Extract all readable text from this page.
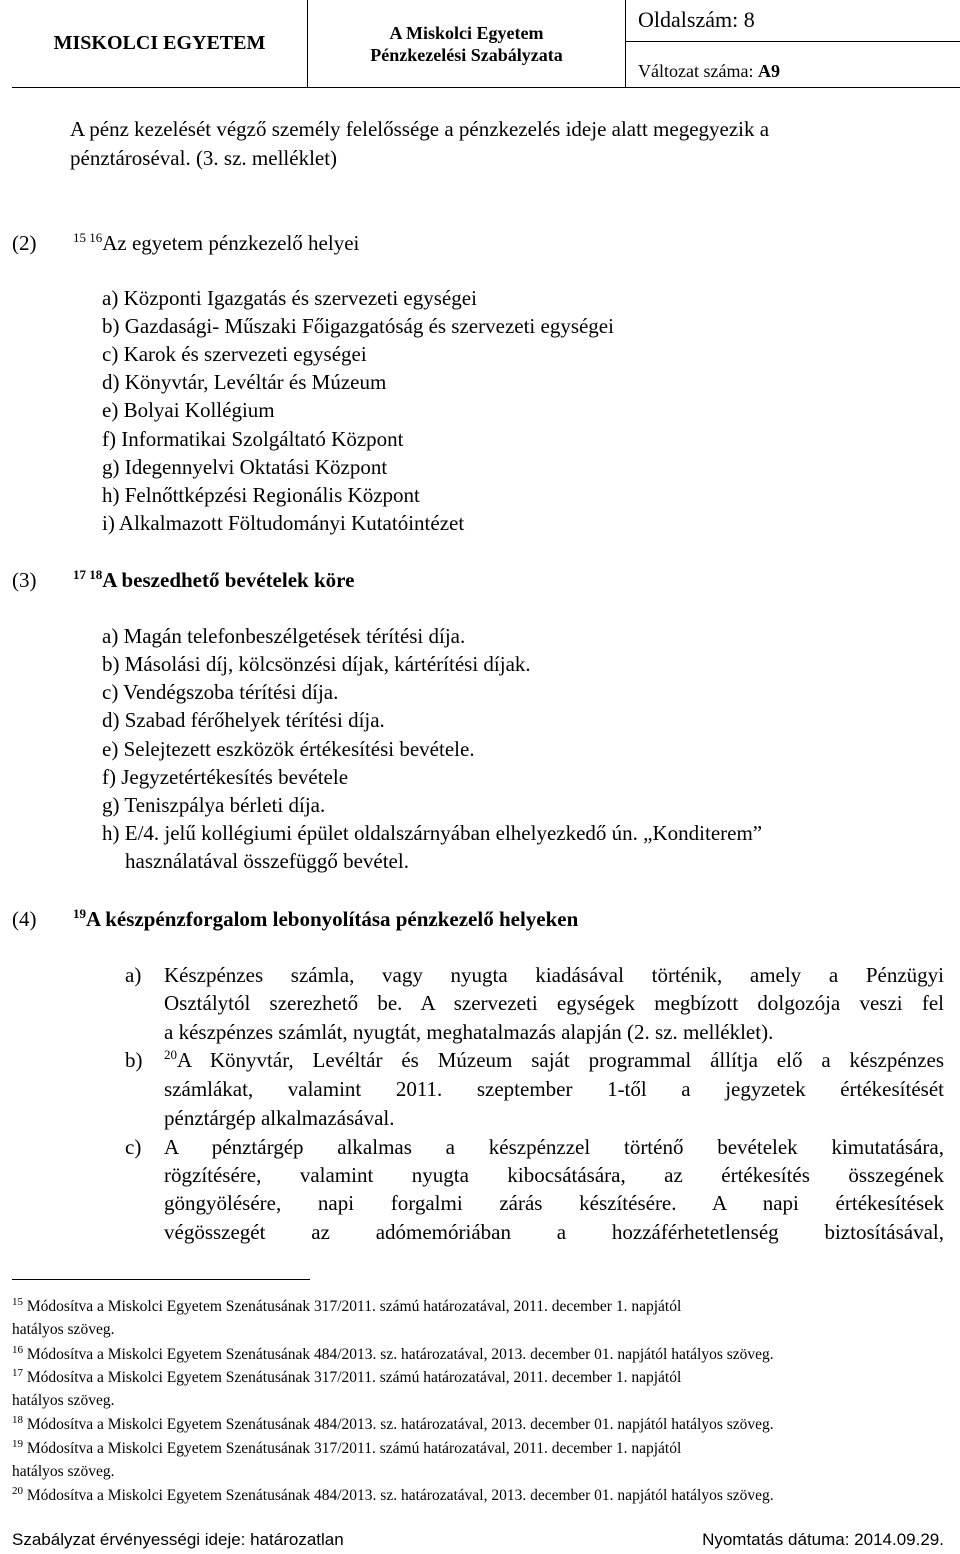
MISKOLCI EGYETEM	A Miskolci Egyetem
Pénzkezelési Szabályzata
Oldalszám: 8
Változat száma: A9
A pénz kezelését végző személy felelőssége a pénzkezelés ideje alatt megegyezik a
pénztároséval. (3. sz. melléklet)
(2)	$^{15 16}$Az egyetem pénzkezelő helyei
a) Központi Igazgatás és szervezeti egységei
b) Gazdasági- Műszaki Főigazgatóság és szervezeti egységei
c) Karok és szervezeti egységei
d) Könyvtár, Levéltár és Múzeum
e) Bolyai Kollégium
f) Informatikai Szolgáltató Központ
g) Idegennyelvi Oktatási Központ
h) Felnőttképzési Regionális Központ
i) Alkalmazott Föltudományi Kutatóintézet
(3)	$^{17 18}$A beszedhető bevételek köre
a) Magán telefonbeszélgetések térítési díja.
b) Másolási díj, kölcsönzési díjak, kártérítési díjak.
c) Vendégszoba térítési díja.
d) Szabad férőhelyek térítési díja.
e) Selejtezett eszközök értékesítési bevétele.
f) Jegyzetértékesítés bevétele
g) Teniszpálya bérleti díja.
h) E/4. jelű kollégiumi épület oldalszárnyában elhelyezkedő ún. „Konditerem”
használatával összefüggő bevétel.
(4)	$^{19}$A készpénzforgalom lebonyolítása pénzkezelő helyeken
a) Készpénzes számla, vagy nyugta kiadásával történik, amely a Pénzügyi
Osztálytól szerezhető be. A szervezeti egységek megbízott dolgozója veszi fel
a készpénzes számlát, nyugtát, meghatalmazás alapján (2. sz. melléklet).
b) $^{20}$A Könyvtár, Levéltár és Múzeum saját programmal állítja elő a készpénzes
számlákat, valamint 2011. szeptember 1-től a jegyzetek értékesítését
pénztárgép alkalmazásával.
c) A pénztárgép alkalmas a készpénzzel történő bevételek kimutatására,
rögzítésére, valamint nyugta kibocsátására, az értékesítés összegének
göngyölésére, napi forgalmi zárás készítésére. A napi értékesítések
végösszegét az adómemóriában a hozzáférhetetlenség biztosításával,
$^{15}$ Módosítva a Miskolci Egyetem Szenátusának 317/2011. számú határozatával, 2011. december 1. napjától
hatályos szöveg.
$^{16}$ Módosítva a Miskolci Egyetem Szenátusának 484/2013. sz. határozatával, 2013. december 01. napjától hatályos szöveg.
$^{17}$ Módosítva a Miskolci Egyetem Szenátusának 317/2011. számú határozatával, 2011. december 1. napjától
hatályos szöveg.
$^{18}$ Módosítva a Miskolci Egyetem Szenátusának 484/2013. sz. határozatával, 2013. december 01. napjától hatályos szöveg.
$^{19}$ Módosítva a Miskolci Egyetem Szenátusának 317/2011. számú határozatával, 2011. december 1. napjától
hatályos szöveg.
$^{20}$ Módosítva a Miskolci Egyetem Szenátusának 484/2013. sz. határozatával, 2013. december 01. napjától hatályos szöveg.
Szabályzat érvényességi ideje: határozatlan	Nyomtatás dátuma: 2014.09.29.
